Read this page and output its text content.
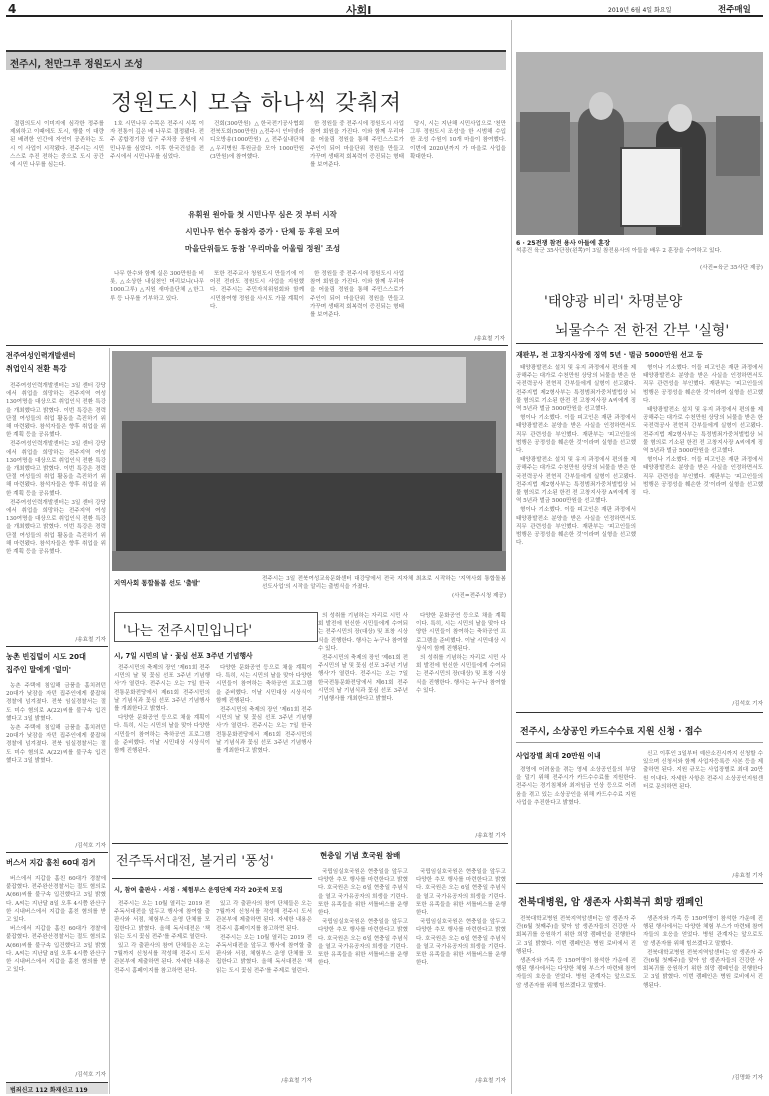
4	사회Ⅰ	2019년 6월 4일 화요일	전주매일
전주시, 천만그루 정원도시 조성
정원도시 모습 하나씩 갖춰져

결림의도시 이미지에 심각한 정주를 제외하고 이때에도 도시, 행불 이 대량된 배려한 인간에 자연이 공존하는 도시 이 사업이 시작됐다. 전주시는 시민 스스로 추진 전하는 중으로 도시 공간에 시민 나무를 심는다.

1호 시민나무 수목은 전주시 시목 이자 전통이 깊은 배 나무로 결정됐다. 전주 종합경기장 입구 주차장 공원에 시민나무를 심었다. 이후 한국건설을 전주시에서 시민나무를 심었다.

건회(300만원) △한국전기공사협회 전북도회(500만원) △전주시 인터넷라디오방송(1000만원) △전주실내단체 △우리병원 후원금을 모아 1000만원(3만원)에 참여했다.

한 정원들 중 전주시에 정원도시 사업 참여 회원을 가진다. 이와 함께 우리마을 어울림 정원을 통해 주민스스로가 주인이 되어 마을단위 정원을 만들고 가꾸며 생태적 회복력이 증진되는 형태를 보여준다.

당시, 시는 지난해 시민사업으로 '천만그루 정원도시 조성'을 한 시범해 수입한 조성 수원이 10개 마을이 참여했다. 이번에 2020년까지 가 마을로 사업을 확대한다.

유휘원 원아들 첫 시민나무 심은 것 부터 시작
시민나무 헌수 동참자 증가 · 단체 등 후원 모여
마을단위들도 동참 '우리마을 어울림 정원' 조성

나무 한수와 함께 실은 300만원을 비롯, △소상한 내실천인 머리보니(나무 1000그루) △지원 새마을단체 △한그루 등 나무를 기부하고 있다.

또한 전주교사 청원도시 만들기에 이어진 전라도 정원도시 사업을 지원했다. 전주시는 주민자치위원회와 함께 시민참여형 정원을 사시도 가꿀 계획이다.

한 정원들 중 전주시에 정원도시 사업 참여 회원을 가진다. 이와 함께 우리마을 어울림 정원을 통해 주민스스로가 주인이 되어 마을단위 정원을 만들고 가꾸며 생태적 회복력이 증진되는 형태를 보여준다.

/송효철 기자
6 · 25전쟁 참전 용사 아들에 훈장
석종건 육군 35사단장(왼쪽)이 3일 참전용사의 아들을 배우 2 훈장을 수여하고 있다.
(사진=육군 35사단 제공)
'태양광 비리' 차명분양
뇌물수수 전 한전 간부 '실형'
재판부, 전 고창지사장에 징역 5년 · 벌금 5000만원 선고 등

태양광발전소 설치 및 유지 과정에서 편의를 제공해주는 대가로 수천만원 상당의 뇌물을 받은 한국전력공사 전현직 간부들에게 실형이 선고됐다. 전주지법 제2형사부는 특정범죄가중처벌법상 뇌물 혐의로 기소된 한전 전 고창지사장 A씨에게 징역 5년과 벌금 5000만원을 선고했다.

형이나 기소했다. 이들 피고인은 재판 과정에서 태양광발전소 분양을 받은 사실을 인정하면서도 직무 관련성을 부인했다. 재판부는 '피고인들의 범행은 공정성을 훼손한 것'이라며 실형을 선고했다.

태양광발전소 설치 및 유지 과정에서 편의를 제공해주는 대가로 수천만원 상당의 뇌물을 받은 한국전력공사 전현직 간부들에게 실형이 선고됐다. 전주지법 제2형사부는 특정범죄가중처벌법상 뇌물 혐의로 기소된 한전 전 고창지사장 A씨에게 징역 5년과 벌금 5000만원을 선고했다.

형이나 기소했다. 이들 피고인은 재판 과정에서 태양광발전소 분양을 받은 사실을 인정하면서도 직무 관련성을 부인했다. 재판부는 '피고인들의 범행은 공정성을 훼손한 것'이라며 실형을 선고했다.

형이나 기소했다. 이들 피고인은 재판 과정에서 태양광발전소 분양을 받은 사실을 인정하면서도 직무 관련성을 부인했다. 재판부는 '피고인들의 범행은 공정성을 훼손한 것'이라며 실형을 선고했다.

태양광발전소 설치 및 유지 과정에서 편의를 제공해주는 대가로 수천만원 상당의 뇌물을 받은 한국전력공사 전현직 간부들에게 실형이 선고됐다. 전주지법 제2형사부는 특정범죄가중처벌법상 뇌물 혐의로 기소된 한전 전 고창지사장 A씨에게 징역 5년과 벌금 5000만원을 선고했다.

형이나 기소했다. 이들 피고인은 재판 과정에서 태양광발전소 분양을 받은 사실을 인정하면서도 직무 관련성을 부인했다. 재판부는 '피고인들의 범행은 공정성을 훼손한 것'이라며 실형을 선고했다.

/김석호 기자
전주여성인력개발센터
취업인식 전환 특강

전주여성인력개발센터는 3일 센터 강당에서 취업을 희망하는 전주지역 여성 130여명을 대상으로 취업인식 전환 특강을 개최했다고 밝혔다. 이번 특강은 경력단절 여성들의 취업 활동을 촉진하기 위해 마련됐다. 참석자들은 향후 취업을 위한 계획 등을 공유했다.

전주여성인력개발센터는 3일 센터 강당에서 취업을 희망하는 전주지역 여성 130여명을 대상으로 취업인식 전환 특강을 개최했다고 밝혔다. 이번 특강은 경력단절 여성들의 취업 활동을 촉진하기 위해 마련됐다. 참석자들은 향후 취업을 위한 계획 등을 공유했다.

전주여성인력개발센터는 3일 센터 강당에서 취업을 희망하는 전주지역 여성 130여명을 대상으로 취업인식 전환 특강을 개최했다고 밝혔다. 이번 특강은 경력단절 여성들의 취업 활동을 촉진하기 위해 마련됐다. 참석자들은 향후 취업을 위한 계획 등을 공유했다.

/송효철 기자
지역사회 통합돌봄 선도 '출발'	전주시는 3일 전북여성교육문화센터 대강당에서 전국 지자체 최초로 시작하는 '지역사회 통합돌봄 선도사업'의 시작을 알리는 출범식을 가졌다.
(사진=전주시청 제공)
'나는 전주시민입니다'
시, 7일 시민의 날 · 꽃심 선포 3주년 기념행사

전주시민의 축제의 장인 '제61회 전주시민의 날 및 꽃심 선포 3주년 기념행사'가 열린다. 전주시는 오는 7일 한국전통문화전당에서 제61회 전주시민의 날 기념식과 꽃심 선포 3주년 기념행사를 개최한다고 밝혔다.

다양한 문화공연 등으로 채울 계획이다. 특히, 시는 시민의 날을 맞아 다양한 시민들이 참여하는 축하공연 프로그램을 준비했다. 이날 시민대상 시상식이 함께 진행된다.

다양한 문화공연 등으로 채울 계획이다. 특히, 시는 시민의 날을 맞아 다양한 시민들이 참여하는 축하공연 프로그램을 준비했다. 이날 시민대상 시상식이 함께 진행된다.

전주시민의 축제의 장인 '제61회 전주시민의 날 및 꽃심 선포 3주년 기념행사'가 열린다. 전주시는 오는 7일 한국전통문화전당에서 제61회 전주시민의 날 기념식과 꽃심 선포 3주년 기념행사를 개최한다고 밝혔다.

의 성취를 기념하는 자리로 시민 사회 발전에 헌신한 시민들에게 수여되는 전주시민의 장(대상) 및 표창 시상식을 진행한다. 행사는 누구나 참여할 수 있다.

전주시민의 축제의 장인 '제61회 전주시민의 날 및 꽃심 선포 3주년 기념행사'가 열린다. 전주시는 오는 7일 한국전통문화전당에서 제61회 전주시민의 날 기념식과 꽃심 선포 3주년 기념행사를 개최한다고 밝혔다.

다양한 문화공연 등으로 채울 계획이다. 특히, 시는 시민의 날을 맞아 다양한 시민들이 참여하는 축하공연 프로그램을 준비했다. 이날 시민대상 시상식이 함께 진행된다.

의 성취를 기념하는 자리로 시민 사회 발전에 헌신한 시민들에게 수여되는 전주시민의 장(대상) 및 표창 시상식을 진행한다. 행사는 누구나 참여할 수 있다.

/송효철 기자
농촌 빈집털이 시도 20대
집주인 말에게 '덜미'

농촌 주택에 침입해 금품을 훔치려던 20대가 낮잠을 자던 집주인에게 붙잡혀 경찰에 넘겨졌다. 전북 임실경찰서는 절도 미수 혐의로 A(22)씨를 불구속 입건했다고 3일 밝혔다.

농촌 주택에 침입해 금품을 훔치려던 20대가 낮잠을 자던 집주인에게 붙잡혀 경찰에 넘겨졌다. 전북 임실경찰서는 절도 미수 혐의로 A(22)씨를 불구속 입건했다고 3일 밝혔다.

/김석호 기자
버스서 지갑 훔친 60대 검거

버스에서 지갑을 훔친 60대가 경찰에 붙잡혔다. 전주완산경찰서는 절도 혐의로 A(66)씨를 불구속 입건했다고 3일 밝혔다. A씨는 지난달 8일 오후 4시쯤 완산구 한 시내버스에서 지갑을 훔친 혐의를 받고 있다.

버스에서 지갑을 훔친 60대가 경찰에 붙잡혔다. 전주완산경찰서는 절도 혐의로 A(66)씨를 불구속 입건했다고 3일 밝혔다. A씨는 지난달 8일 오후 4시쯤 완산구 한 시내버스에서 지갑을 훔친 혐의를 받고 있다.

/김석호 기자
범죄신고 112 화재신고 119
전주독서대전, 볼거리 '풍성'
시, 참여 출판사 · 서점 · 체험부스 운영단체 각각 20곳씩 모집

전주시는 오는 10월 열리는 2019 전주독서대전을 앞두고 행사에 참여할 출판사와 서점, 체험부스 운영 단체를 모집한다고 밝혔다. 올해 독서대전은 '책 읽는 도시 꽃심 전주'를 주제로 열린다.

있고 각 출판사의 참여 단체들은 오는 7월까지 신청서를 작성해 전주시 도서관본부에 제출하면 된다. 자세한 내용은 전주시 홈페이지를 참고하면 된다.

있고 각 출판사의 참여 단체들은 오는 7월까지 신청서를 작성해 전주시 도서관본부에 제출하면 된다. 자세한 내용은 전주시 홈페이지를 참고하면 된다.

전주시는 오는 10월 열리는 2019 전주독서대전을 앞두고 행사에 참여할 출판사와 서점, 체험부스 운영 단체를 모집한다고 밝혔다. 올해 독서대전은 '책 읽는 도시 꽃심 전주'를 주제로 열린다.

/송효철 기자
현충일 기념 호국원 참배

국립임실호국원은 현충일을 앞두고 다양한 추모 행사를 마련한다고 밝혔다. 호국원은 오는 6일 현충일 추념식을 열고 국가유공자의 희생을 기린다. 또한 유족들을 위한 셔틀버스를 운행한다.

국립임실호국원은 현충일을 앞두고 다양한 추모 행사를 마련한다고 밝혔다. 호국원은 오는 6일 현충일 추념식을 열고 국가유공자의 희생을 기린다. 또한 유족들을 위한 셔틀버스를 운행한다.

국립임실호국원은 현충일을 앞두고 다양한 추모 행사를 마련한다고 밝혔다. 호국원은 오는 6일 현충일 추념식을 열고 국가유공자의 희생을 기린다. 또한 유족들을 위한 셔틀버스를 운행한다.

국립임실호국원은 현충일을 앞두고 다양한 추모 행사를 마련한다고 밝혔다. 호국원은 오는 6일 현충일 추념식을 열고 국가유공자의 희생을 기린다. 또한 유족들을 위한 셔틀버스를 운행한다.

/송효철 기자
전주시, 소상공인 카드수수료 지원 신청 · 접수
사업장별 최대 20만원 이내

경영에 어려움을 겪는 영세 소상공인들의 부담을 덜기 위해 전주시가 카드수수료를 지원한다. 전주시는 경기침체와 최저임금 인상 등으로 어려움을 겪고 있는 소상공인을 위해 카드수수료 지원사업을 추진한다고 밝혔다.

신고 이후인 3일부터 예산소진시까지 신청할 수 있으며 신청서와 함께 사업자등록증 사본 등을 제출하면 된다. 지원 규모는 사업장별로 최대 20만원 이내다. 자세한 사항은 전주시 소상공인지원센터로 문의하면 된다.

/송효철 기자
전북대병원, 암 생존자 사회복귀 희망 캠페인

전북대학교병원 전북지역암센터는 암 생존자 주간(6월 첫째주)을 맞아 암 생존자들의 건강한 사회복귀를 응원하기 위한 희망 캠페인을 진행한다고 3일 밝혔다. 이번 캠페인은 병원 로비에서 진행된다.

생존자와 가족 등 150여명이 참석한 가운데 진행된 행사에서는 다양한 체험 부스가 마련돼 참여자들의 호응을 얻었다. 병원 관계자는 앞으로도 암 생존자를 위해 힘쓰겠다고 말했다.

생존자와 가족 등 150여명이 참석한 가운데 진행된 행사에서는 다양한 체험 부스가 마련돼 참여자들의 호응을 얻었다. 병원 관계자는 앞으로도 암 생존자를 위해 힘쓰겠다고 말했다.

전북대학교병원 전북지역암센터는 암 생존자 주간(6월 첫째주)을 맞아 암 생존자들의 건강한 사회복귀를 응원하기 위한 희망 캠페인을 진행한다고 3일 밝혔다. 이번 캠페인은 병원 로비에서 진행된다.

/김명화 기자
